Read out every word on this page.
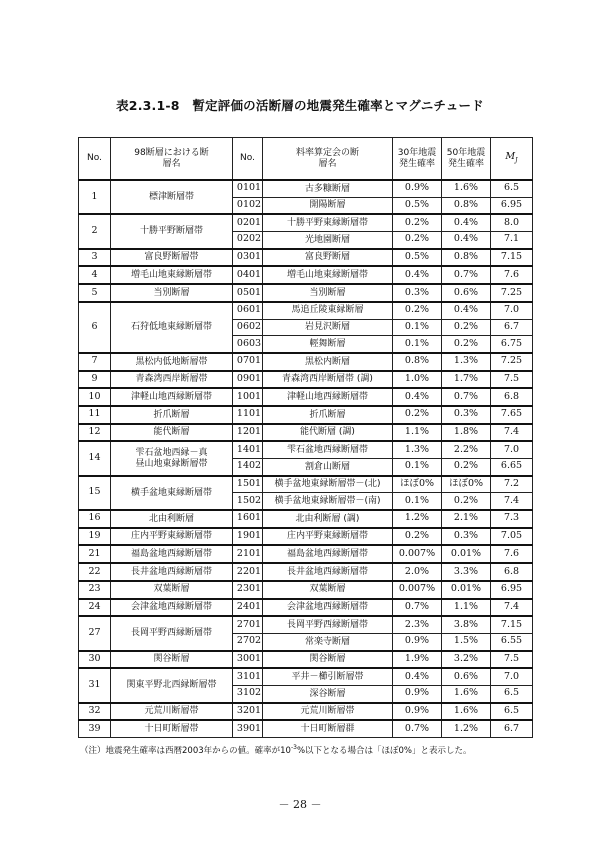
表2.3.1-8　暫定評価の活断層の地震発生確率とマグニチュード
No.	98断層における断層名	No.	料率算定会の断層名	30年地震発生確率	50年地震発生確率	$M_J$
1	標津断層帯	0101	古多糠断層	0.9%	1.6%	6.5
		0102	開陽断層	0.5%	0.8%	6.95
2	十勝平野断層帯	0201	十勝平野東縁断層帯	0.2%	0.4%	8.0
		0202	光地園断層	0.2%	0.4%	7.1
3	富良野断層帯	0301	富良野断層	0.5%	0.8%	7.15
4	増毛山地東縁断層帯	0401	増毛山地東縁断層帯	0.4%	0.7%	7.6
5	当別断層	0501	当別断層	0.3%	0.6%	7.25
6	石狩低地東縁断層帯	0601	馬追丘陵東縁断層	0.2%	0.4%	7.0
		0602	岩見沢断層	0.1%	0.2%	6.7
		0603	輕舞断層	0.1%	0.2%	6.75
7	黒松内低地断層帯	0701	黒松内断層	0.8%	1.3%	7.25
9	青森湾西岸断層帯	0901	青森湾西岸断層帯 (調)	1.0%	1.7%	7.5
10	津軽山地西縁断層帯	1001	津軽山地西縁断層帯	0.4%	0.7%	6.8
11	折爪断層	1101	折爪断層	0.2%	0.3%	7.65
12	能代断層	1201	能代断層 (調)	1.1%	1.8%	7.4
14	雫石盆地西縁－真昼山地東縁断層帯	1401	雫石盆地西縁断層帯	1.3%	2.2%	7.0
		1402	割倉山断層	0.1%	0.2%	6.65
15	横手盆地東縁断層帯	1501	横手盆地東縁断層帯－(北)	ほぼ0%	ほぼ0%	7.2
		1502	横手盆地東縁断層帯－(南)	0.1%	0.2%	7.4
16	北由利断層	1601	北由利断層 (調)	1.2%	2.1%	7.3
19	庄内平野東縁断層帯	1901	庄内平野東縁断層帯	0.2%	0.3%	7.05
21	福島盆地西縁断層帯	2101	福島盆地西縁断層帯	0.007%	0.01%	7.6
22	長井盆地西縁断層帯	2201	長井盆地西縁断層帯	2.0%	3.3%	6.8
23	双葉断層	2301	双葉断層	0.007%	0.01%	6.95
24	会津盆地西縁断層帯	2401	会津盆地西縁断層帯	0.7%	1.1%	7.4
27	長岡平野西縁断層帯	2701	長岡平野西縁断層帯	2.3%	3.8%	7.15
		2702	常楽寺断層	0.9%	1.5%	6.55
30	関谷断層	3001	関谷断層	1.9%	3.2%	7.5
31	関東平野北西縁断層帯	3101	平井－櫛引断層帯	0.4%	0.6%	7.0
		3102	深谷断層	0.9%	1.6%	6.5
32	元荒川断層帯	3201	元荒川断層帯	0.9%	1.6%	6.5
39	十日町断層帯	3901	十日町断層群	0.7%	1.2%	6.7
（注）地震発生確率は西暦2003年からの値。確率が$10^{-3}\%$以下となる場合は「ほぼ0%」と表示した。
－ 28 －
